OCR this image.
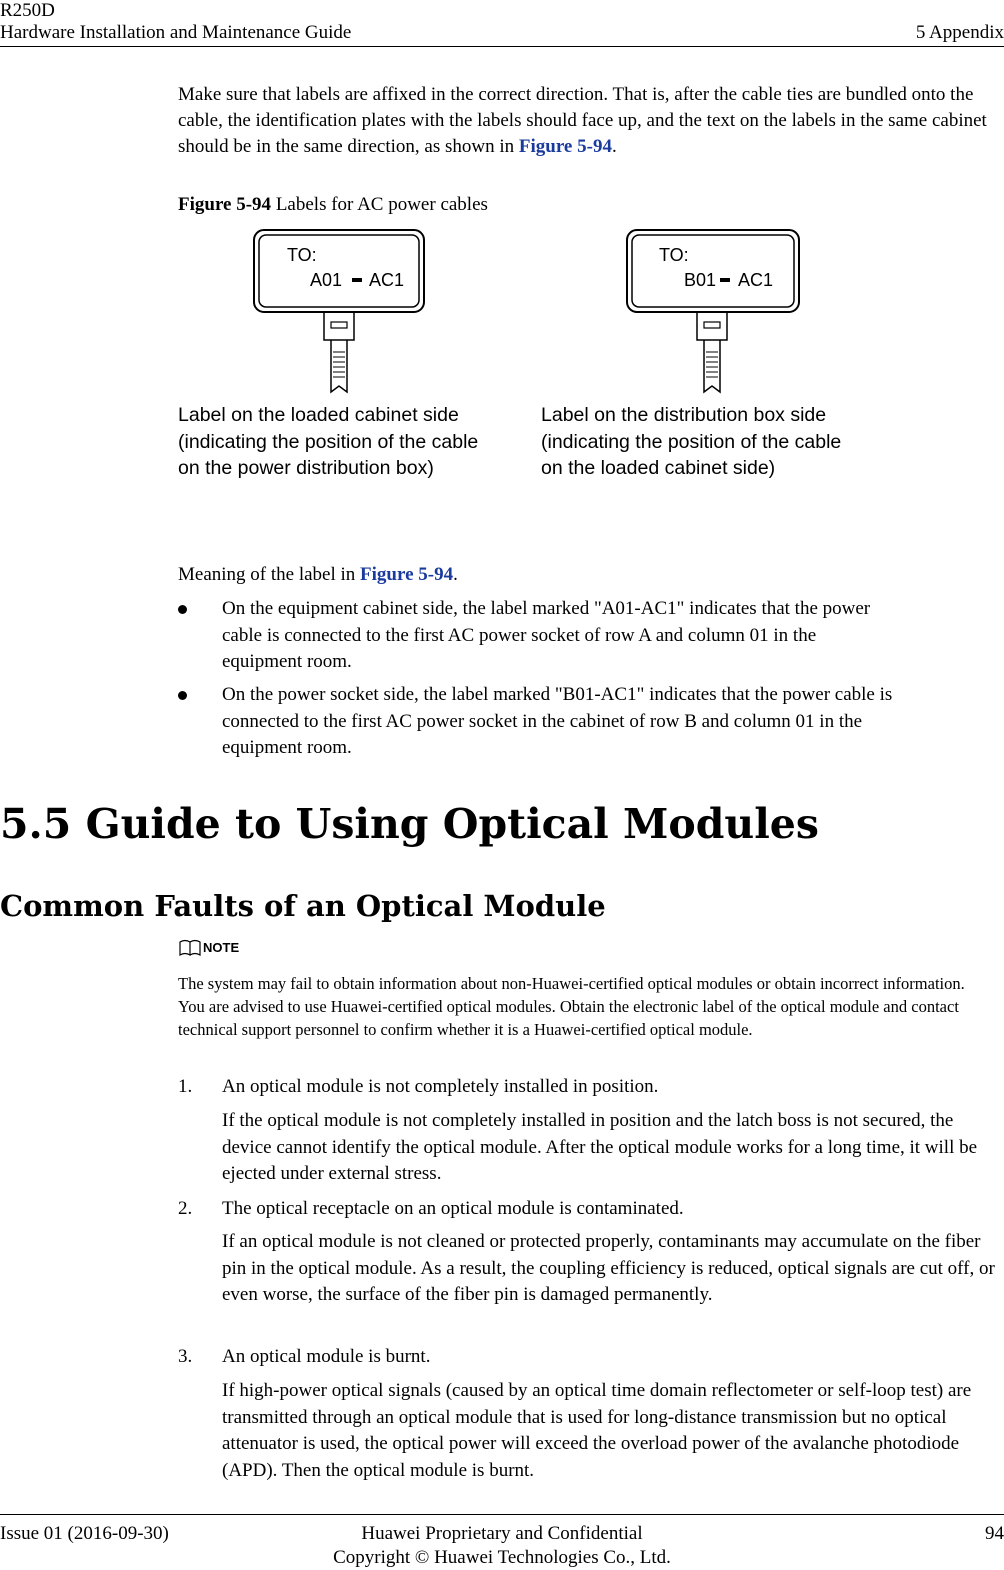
R250D
Hardware Installation and Maintenance Guide	5 Appendix
Make sure that labels are affixed in the correct direction. That is, after the cable ties are bundled onto the cable, the identification plates with the labels should face up, and the text on the labels in the same cabinet should be in the same direction, as shown in Figure 5-94.
Figure 5-94 Labels for AC power cables
TO:
A01 AC1
TO:
B01 AC1
Label on the loaded cabinet side
(indicating the position of the cable
on the power distribution box)
Label on the distribution box side
(indicating the position of the cable
on the loaded cabinet side)
Meaning of the label in Figure 5-94.
On the equipment cabinet side, the label marked "A01-AC1" indicates that the power
cable is connected to the first AC power socket of row A and column 01 in the
equipment room.
On the power socket side, the label marked "B01-AC1" indicates that the power cable is
connected to the first AC power socket in the cabinet of row B and column 01 in the
equipment room.
5.5 Guide to Using Optical Modules
Common Faults of an Optical Module
NOTE
The system may fail to obtain information about non-Huawei-certified optical modules or obtain incorrect information. You are advised to use Huawei-certified optical modules. Obtain the electronic label of the optical module and contact technical support personnel to confirm whether it is a Huawei-certified optical module.
1. An optical module is not completely installed in position.
If the optical module is not completely installed in position and the latch boss is not secured, the device cannot identify the optical module. After the optical module works for a long time, it will be ejected under external stress.
2. The optical receptacle on an optical module is contaminated.
If an optical module is not cleaned or protected properly, contaminants may accumulate on the fiber pin in the optical module. As a result, the coupling efficiency is reduced, optical signals are cut off, or even worse, the surface of the fiber pin is damaged permanently.
3. An optical module is burnt.
If high-power optical signals (caused by an optical time domain reflectometer or self-loop test) are transmitted through an optical module that is used for long-distance transmission but no optical attenuator is used, the optical power will exceed the overload power of the avalanche photodiode (APD). Then the optical module is burnt.
Issue 01 (2016-09-30)	Huawei Proprietary and Confidential
Copyright © Huawei Technologies Co., Ltd.
94
